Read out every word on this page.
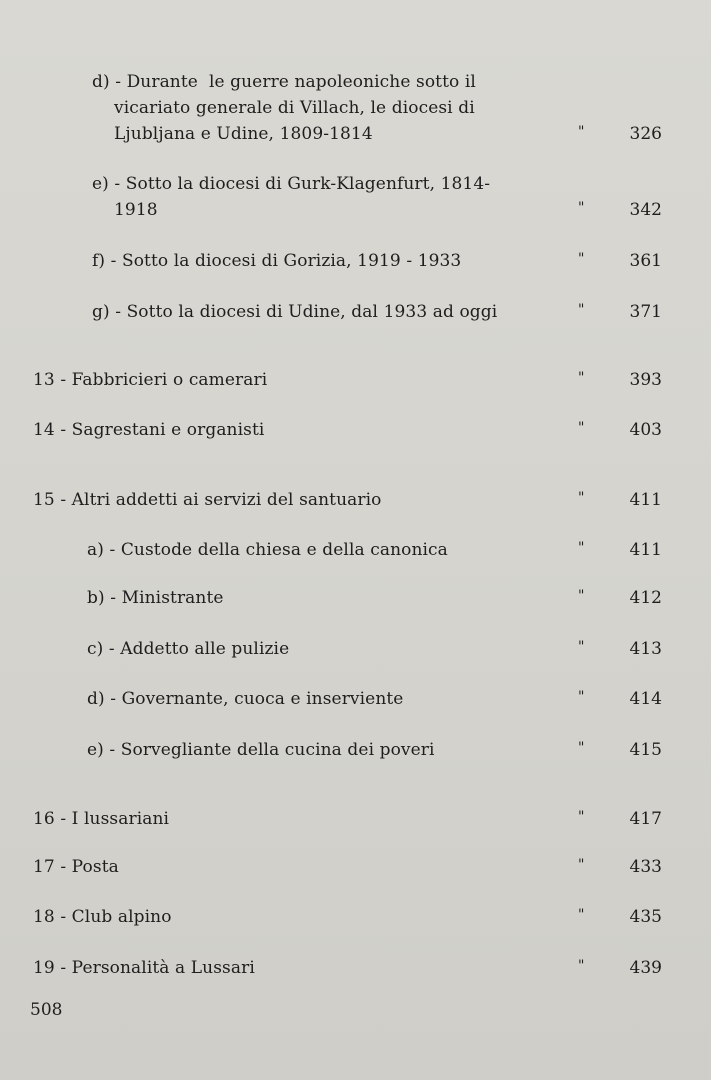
d) - Durante  le guerre napoleoniche sotto il
vicariato generale di Villach, le diocesi di
Ljubljana e Udine, 1809-1814	"	326
e) - Sotto la diocesi di Gurk-Klagenfurt, 1814-
1918	"	342
f) - Sotto la diocesi di Gorizia, 1919 - 1933	"	361
g) - Sotto la diocesi di Udine, dal 1933 ad oggi	"	371
13 - Fabbricieri o camerari	"	393
14 - Sagrestani e organisti	"	403
15 - Altri addetti ai servizi del santuario	"	411
a) - Custode della chiesa e della canonica	"	411
b) - Ministrante	"	412
c) - Addetto alle pulizie	"	413
d) - Governante, cuoca e inserviente	"	414
e) - Sorvegliante della cucina dei poveri	"	415
16 - I lussariani	"	417
17 - Posta	"	433
18 - Club alpino	"	435
19 - Personalità a Lussari	"	439
508
